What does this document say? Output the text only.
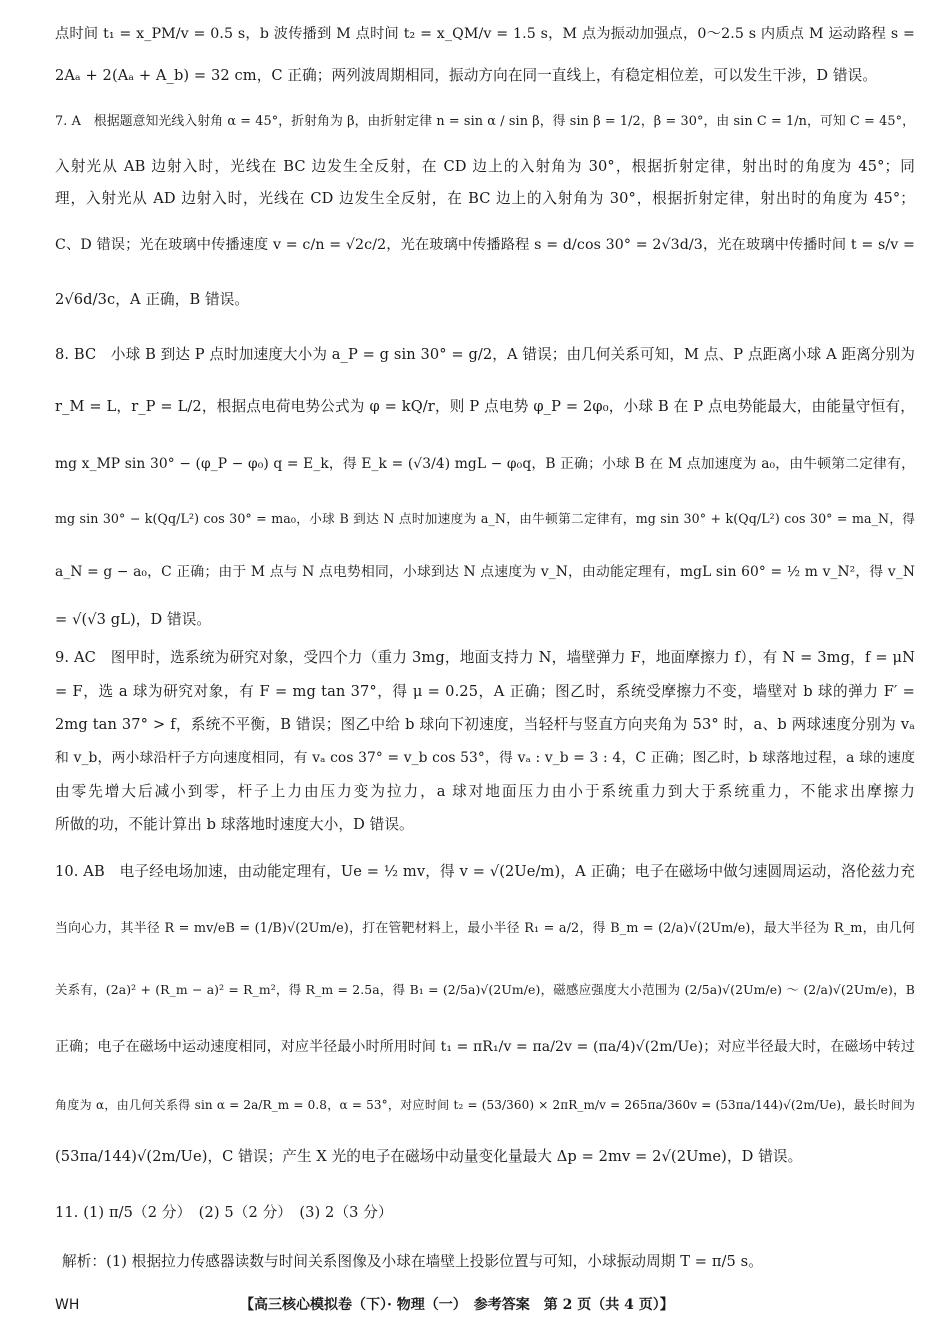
点时间 t₁ = x_PM/v = 0.5 s，b 波传播到 M 点时间 t₂ = x_QM/v = 1.5 s，M 点为振动加强点，0～2.5 s 内质点 M 运动路程 s =
2Aₐ + 2(Aₐ + A_b) = 32 cm，C 正确；两列波周期相同，振动方向在同一直线上，有稳定相位差，可以发生干涉，D 错误。
7. A　根据题意知光线入射角 α = 45°，折射角为 β，由折射定律 n = sin α / sin β，得 sin β = 1/2，β = 30°，由 sin C = 1/n，可知 C = 45°，
入射光从 AB 边射入时，光线在 BC 边发生全反射，在 CD 边上的入射角为 30°，根据折射定律，射出时的角度为 45°；同
理，入射光从 AD 边射入时，光线在 CD 边发生全反射，在 BC 边上的入射角为 30°，根据折射定律，射出时的角度为 45°；
C、D 错误；光在玻璃中传播速度 v = c/n = √2c/2，光在玻璃中传播路程 s = d/cos 30° = 2√3d/3，光在玻璃中传播时间 t = s/v =
2√6d/3c，A 正确，B 错误。
8. BC　小球 B 到达 P 点时加速度大小为 a_P = g sin 30° = g/2，A 错误；由几何关系可知，M 点、P 点距离小球 A 距离分别为
r_M = L，r_P = L/2，根据点电荷电势公式为 φ = kQ/r，则 P 点电势 φ_P = 2φ₀，小球 B 在 P 点电势能最大，由能量守恒有，
mg x_MP sin 30° − (φ_P − φ₀) q = E_k，得 E_k = (√3/4) mgL − φ₀q，B 正确；小球 B 在 M 点加速度为 a₀，由牛顿第二定律有，
mg sin 30° − k(Qq/L²) cos 30° = ma₀，小球 B 到达 N 点时加速度为 a_N，由牛顿第二定律有，mg sin 30° + k(Qq/L²) cos 30° = ma_N，得
a_N = g − a₀，C 正确；由于 M 点与 N 点电势相同，小球到达 N 点速度为 v_N，由动能定理有，mgL sin 60° = ½ m v_N²，得 v_N
= √(√3 gL)，D 错误。
9. AC　图甲时，选系统为研究对象，受四个力（重力 3mg，地面支持力 N，墙壁弹力 F，地面摩擦力 f），有 N = 3mg，f = μN
= F，选 a 球为研究对象，有 F = mg tan 37°，得 μ = 0.25，A 正确；图乙时，系统受摩擦力不变，墙壁对 b 球的弹力 F′ =
2mg tan 37° > f，系统不平衡，B 错误；图乙中给 b 球向下初速度，当轻杆与竖直方向夹角为 53° 时，a、b 两球速度分别为 vₐ
和 v_b，两小球沿杆子方向速度相同，有 vₐ cos 37° = v_b cos 53°，得 vₐ : v_b = 3 : 4，C 正确；图乙时，b 球落地过程，a 球的速度
由零先增大后减小到零，杆子上力由压力变为拉力，a 球对地面压力由小于系统重力到大于系统重力，不能求出摩擦力
所做的功，不能计算出 b 球落地时速度大小，D 错误。
10. AB　电子经电场加速，由动能定理有，Ue = ½ mv，得 v = √(2Ue/m)，A 正确；电子在磁场中做匀速圆周运动，洛伦兹力充
当向心力，其半径 R = mv/eB = (1/B)√(2Um/e)，打在管靶材料上，最小半径 R₁ = a/2，得 B_m = (2/a)√(2Um/e)，最大半径为 R_m，由几何
关系有，(2a)² + (R_m − a)² = R_m²，得 R_m = 2.5a，得 B₁ = (2/5a)√(2Um/e)，磁感应强度大小范围为 (2/5a)√(2Um/e) ～ (2/a)√(2Um/e)，B
正确；电子在磁场中运动速度相同，对应半径最小时所用时间 t₁ = πR₁/v = πa/2v = (πa/4)√(2m/Ue)；对应半径最大时，在磁场中转过
角度为 α，由几何关系得 sin α = 2a/R_m = 0.8，α = 53°，对应时间 t₂ = (53/360) × 2πR_m/v = 265πa/360v = (53πa/144)√(2m/Ue)，最长时间为
(53πa/144)√(2m/Ue)，C 错误；产生 X 光的电子在磁场中动量变化量最大 Δp = 2mv = 2√(2Ume)，D 错误。
11. (1) π/5（2 分）　(2) 5（2 分）　(3) 2（3 分）
解析：(1) 根据拉力传感器读数与时间关系图像及小球在墙壁上投影位置与可知，小球振动周期 T = π/5 s。
WH	【高三核心模拟卷（下）· 物理（一）　参考答案　第 2 页（共 4 页）】
